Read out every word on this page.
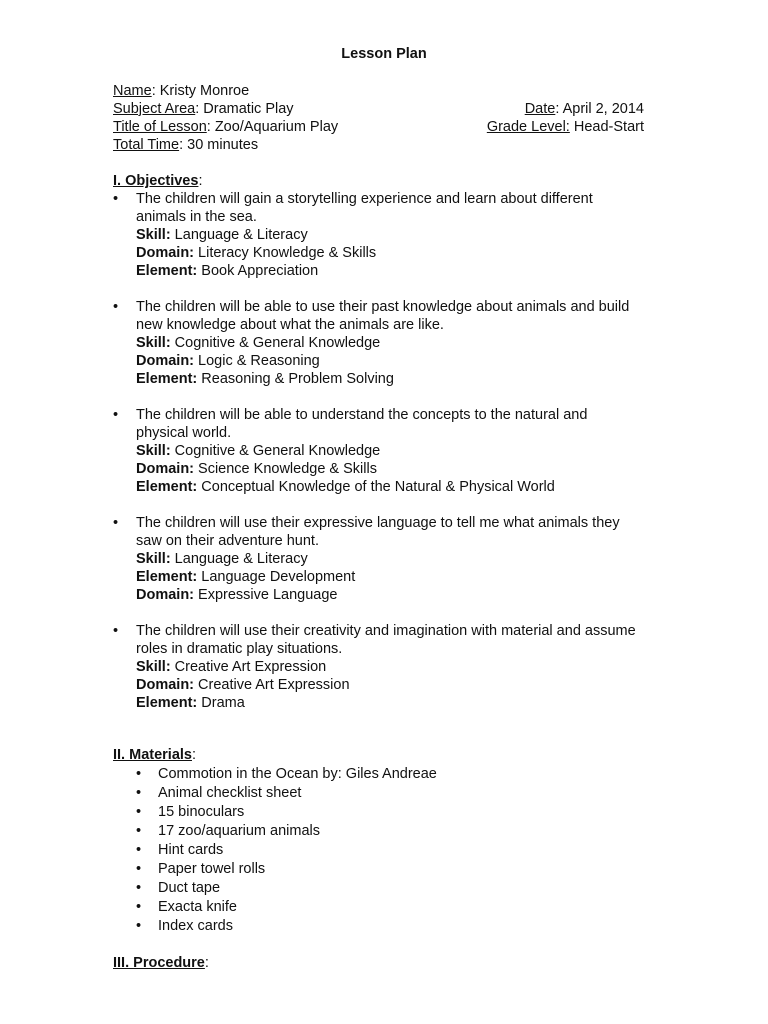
Lesson Plan
Name: Kristy Monroe
Subject Area: Dramatic Play	Date: April 2, 2014
Title of Lesson: Zoo/Aquarium Play	Grade Level: Head-Start
Total Time: 30 minutes
I. Objectives:
•	The children will gain a storytelling experience and learn about different
animals in the sea.
Skill: Language & Literacy
Domain: Literacy Knowledge & Skills
Element: Book Appreciation
•	The children will be able to use their past knowledge about animals and build
new knowledge about what the animals are like.
Skill: Cognitive & General Knowledge
Domain: Logic & Reasoning
Element: Reasoning & Problem Solving
•	The children will be able to understand the concepts to the natural and
physical world.
Skill: Cognitive & General Knowledge
Domain: Science Knowledge & Skills
Element: Conceptual Knowledge of the Natural & Physical World
•	The children will use their expressive language to tell me what animals they
saw on their adventure hunt.
Skill: Language & Literacy
Element: Language Development
Domain: Expressive Language
•	The children will use their creativity and imagination with material and assume
roles in dramatic play situations.
Skill: Creative Art Expression
Domain: Creative Art Expression
Element: Drama
II. Materials:
• Commotion in the Ocean by: Giles Andreae
• Animal checklist sheet
• 15 binoculars
• 17 zoo/aquarium animals
• Hint cards
• Paper towel rolls
• Duct tape
• Exacta knife
• Index cards
III. Procedure:
